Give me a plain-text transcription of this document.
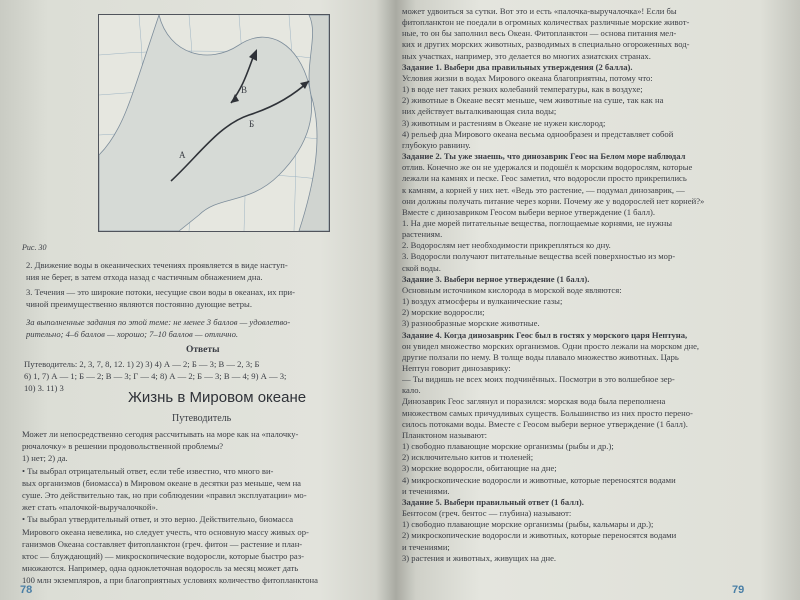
А
Б
В
Рис. 30
2. Движение воды в океанических течениях проявляется в виде наступ-
ния не берег, в затем отхода назад с частичным обнажением дна.
3. Течения — это широкие потоки, несущие свои воды в океанах, их при-
чиной преимущественно являются постоянно дующие ветры.
За выполненные задания по этой теме: не менее 3 баллов — удовлетво-
рительно; 4–6 баллов — хорошо; 7–10 баллов — отлично.
Ответы
Путеводитель: 2, 3, 7, 8, 12. 1) 2) 3) 4) А — 2; Б — 3; В — 2, 3; Б
6) 1, 7) А — 1; Б — 2; В — 3; Г — 4; 8) А — 2; Б — 3; В — 4; 9) А — 3;
10) 3. 11) 3
Жизнь в Мировом океане
Путеводитель
Может ли непосредственно сегодня рассчитывать на море как на «палочку-
рючалочку» в решении продовольственной проблемы?
1) нет; 2) да.
• Ты выбрал отрицательный ответ, если тебе известно, что много ви-
вых организмов (биомасса) в Мировом океане в десятки раз меньше, чем на
суше. Это действительно так, но при соблюдении «правил эксплуатации» мо-
жет стать «палочкой-выручалочкой».
• Ты выбрал утвердительный ответ, и это верно. Действительно, биомасса
Мирового океана невелика, но следует учесть, что основную массу живых ор-
ганизмов Океана составляет фитопланктон (греч. фитон — растение и план-
ктос — блуждающий) — микроскопические водоросли, которые быстро раз-
множаются. Например, одна одноклеточная водоросль за месяц может дать
100 млн экземпляров, а при благоприятных условиях количество фитопланктона
78
может удвоиться за сутки. Вот это и есть «палочка-выручалочка»! Если бы
фитопланктон не поедали в огромных количествах различные морские живот-
ные, то он бы заполнил весь Океан. Фитопланктон — основа питания мел-
ких и других морских животных, разводимых в специально огороженных вод-
ных участках, например, это делается во многих азиатских странах.
Задание 1. Выбери два правильных утверждения (2 балла).
Условия жизни в водах Мирового океана благоприятны, потому что:
1) в воде нет таких резких колебаний температуры, как в воздухе;
2) животные в Океане весят меньше, чем животные на суше, так как на
них действует выталкивающая сила воды;
3) животным и растениям в Океане не нужен кислород;
4) рельеф дна Мирового океана весьма однообразен и представляет собой
глубокую равнину.
Задание 2. Ты уже знаешь, что динозаврик Геос на Белом море наблюдал
отлив. Конечно же он не удержался и подошёл к морским водорослям, которые
лежали на камнях и песке. Геос заметил, что водоросли просто прикрепились
к камням, а корней у них нет. «Ведь это растение, — подумал динозаврик, —
они должны получать питание через корни. Почему же у водорослей нет корней?»
Вместе с динозавриком Геосом выбери верное утверждение (1 балл).
1. На дне морей питательные вещества, поглощаемые корнями, не нужны
растениям.
2. Водорослям нет необходимости прикрепляться ко дну.
3. Водоросли получают питательные вещества всей поверхностью из мор-
ской воды.
Задание 3. Выбери верное утверждение (1 балл).
Основным источником кислорода в морской воде являются:
1) воздух атмосферы и вулканические газы;
2) морские водоросли;
3) разнообразные морские животные.
Задание 4. Когда динозаврик Геос был в гостях у морского царя Нептуна,
он увидел множество морских организмов. Одни просто лежали на морском дне,
другие ползали по нему. В толще воды плавало множество животных. Царь
Нептун говорит динозаврику:
— Ты видишь не всех моих подчинённых. Посмотри в это волшебное зер-
кало.
Динозаврик Геос заглянул и поразился: морская вода была переполнена
множеством самых причудливых существ. Большинство из них просто перено-
силось потоками воды. Вместе с Геосом выбери верное утверждение (1 балл).
Планктоном называют:
1) свободно плавающие морские организмы (рыбы и др.);
2) исключительно китов и тюленей;
3) морские водоросли, обитающие на дне;
4) микроскопические водоросли и животные, которые переносятся водами
и течениями.
Задание 5. Выбери правильный ответ (1 балл).
Бентосом (греч. бентос — глубина) называют:
1) свободно плавающие морские организмы (рыбы, кальмары и др.);
2) микроскопические водоросли и животных, которые переносятся водами
и течениями;
3) растения и животных, живущих на дне.
79
